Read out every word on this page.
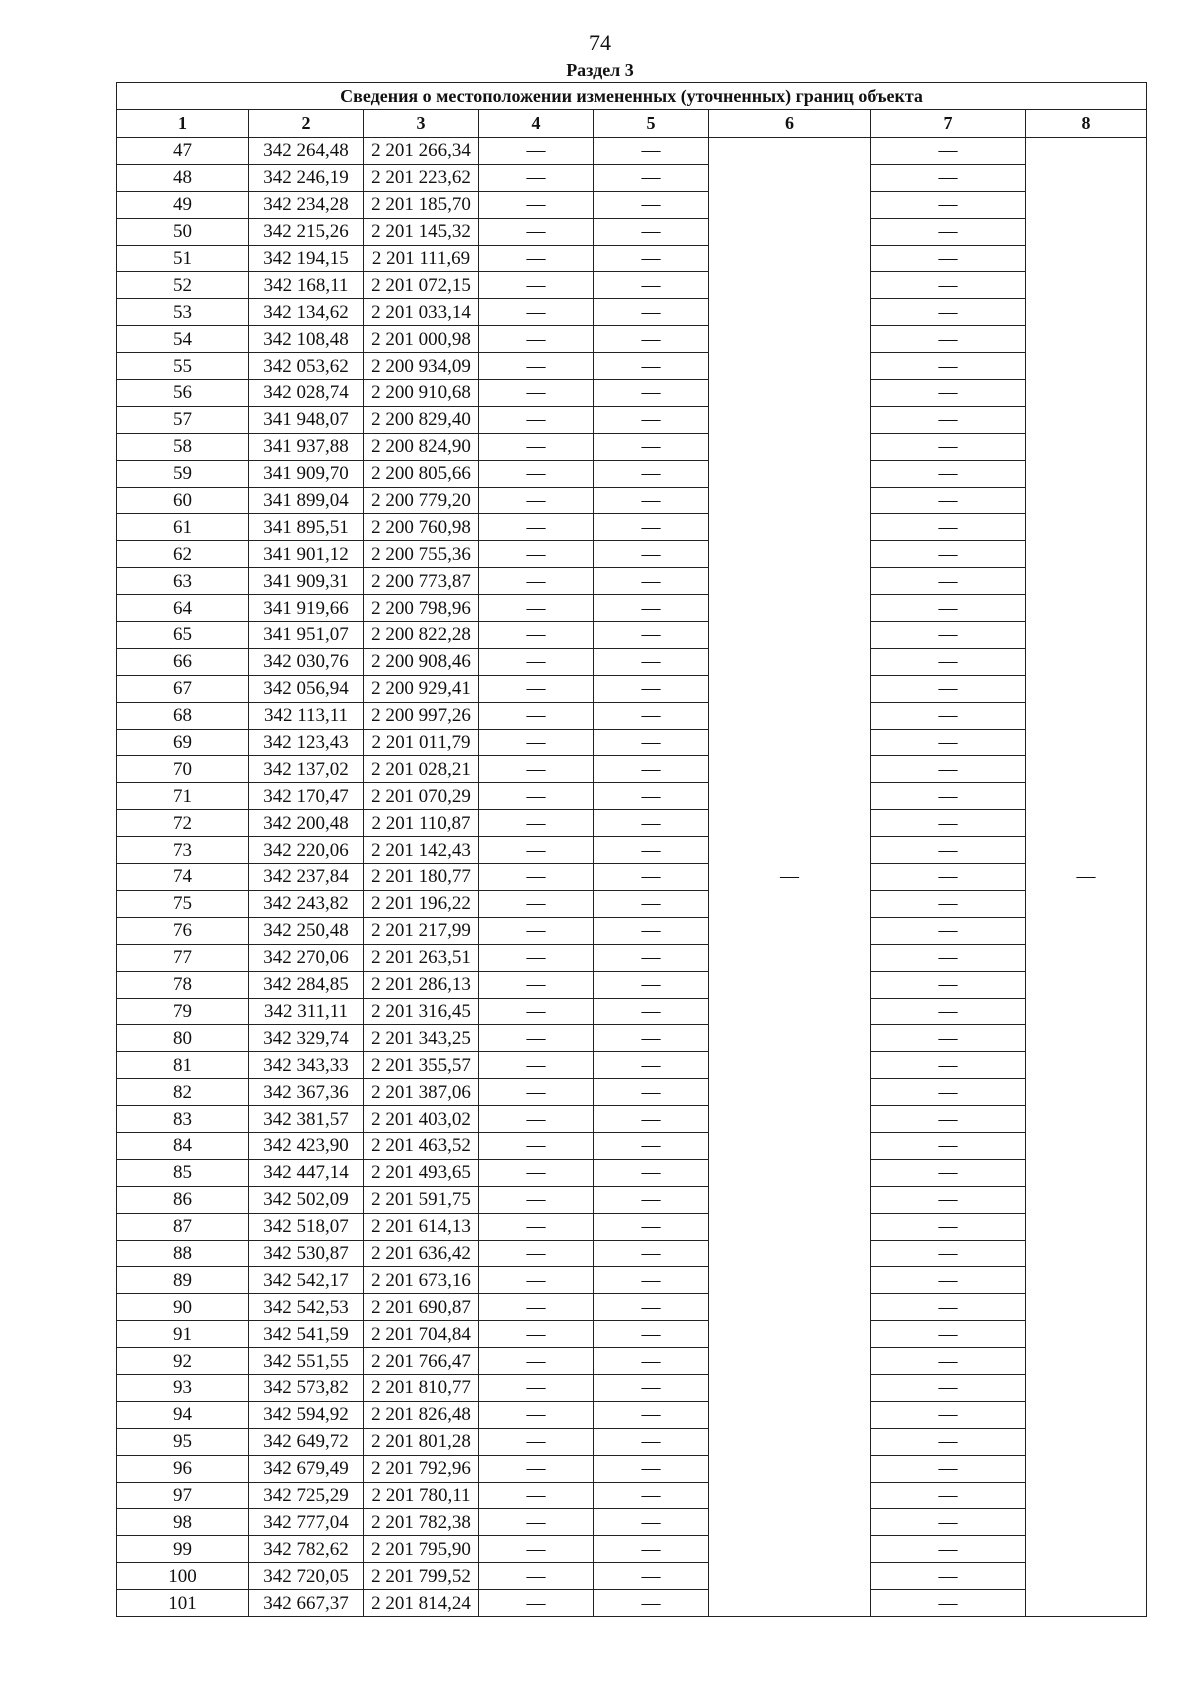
74
Раздел 3
Сведения о местоположении измененных (уточненных) границ объекта							
1	2	3	4	5	6	7	8
47	342 264,48	2 201 266,34	—	—	—	—	—
48	342 246,19	2 201 223,62	—	—		—	
49	342 234,28	2 201 185,70	—	—		—	
50	342 215,26	2 201 145,32	—	—		—	
51	342 194,15	2 201 111,69	—	—		—	
52	342 168,11	2 201 072,15	—	—		—	
53	342 134,62	2 201 033,14	—	—		—	
54	342 108,48	2 201 000,98	—	—		—	
55	342 053,62	2 200 934,09	—	—		—	
56	342 028,74	2 200 910,68	—	—		—	
57	341 948,07	2 200 829,40	—	—		—	
58	341 937,88	2 200 824,90	—	—		—	
59	341 909,70	2 200 805,66	—	—		—	
60	341 899,04	2 200 779,20	—	—		—	
61	341 895,51	2 200 760,98	—	—		—	
62	341 901,12	2 200 755,36	—	—		—	
63	341 909,31	2 200 773,87	—	—		—	
64	341 919,66	2 200 798,96	—	—		—	
65	341 951,07	2 200 822,28	—	—		—	
66	342 030,76	2 200 908,46	—	—		—	
67	342 056,94	2 200 929,41	—	—		—	
68	342 113,11	2 200 997,26	—	—		—	
69	342 123,43	2 201 011,79	—	—		—	
70	342 137,02	2 201 028,21	—	—		—	
71	342 170,47	2 201 070,29	—	—		—	
72	342 200,48	2 201 110,87	—	—		—	
73	342 220,06	2 201 142,43	—	—		—	
74	342 237,84	2 201 180,77	—	—		—	
75	342 243,82	2 201 196,22	—	—		—	
76	342 250,48	2 201 217,99	—	—		—	
77	342 270,06	2 201 263,51	—	—		—	
78	342 284,85	2 201 286,13	—	—		—	
79	342 311,11	2 201 316,45	—	—		—	
80	342 329,74	2 201 343,25	—	—		—	
81	342 343,33	2 201 355,57	—	—		—	
82	342 367,36	2 201 387,06	—	—		—	
83	342 381,57	2 201 403,02	—	—		—	
84	342 423,90	2 201 463,52	—	—		—	
85	342 447,14	2 201 493,65	—	—		—	
86	342 502,09	2 201 591,75	—	—		—	
87	342 518,07	2 201 614,13	—	—		—	
88	342 530,87	2 201 636,42	—	—		—	
89	342 542,17	2 201 673,16	—	—		—	
90	342 542,53	2 201 690,87	—	—		—	
91	342 541,59	2 201 704,84	—	—		—	
92	342 551,55	2 201 766,47	—	—		—	
93	342 573,82	2 201 810,77	—	—		—	
94	342 594,92	2 201 826,48	—	—		—	
95	342 649,72	2 201 801,28	—	—		—	
96	342 679,49	2 201 792,96	—	—		—	
97	342 725,29	2 201 780,11	—	—		—	
98	342 777,04	2 201 782,38	—	—		—	
99	342 782,62	2 201 795,90	—	—		—	
100	342 720,05	2 201 799,52	—	—		—	
101	342 667,37	2 201 814,24	—	—		—	
